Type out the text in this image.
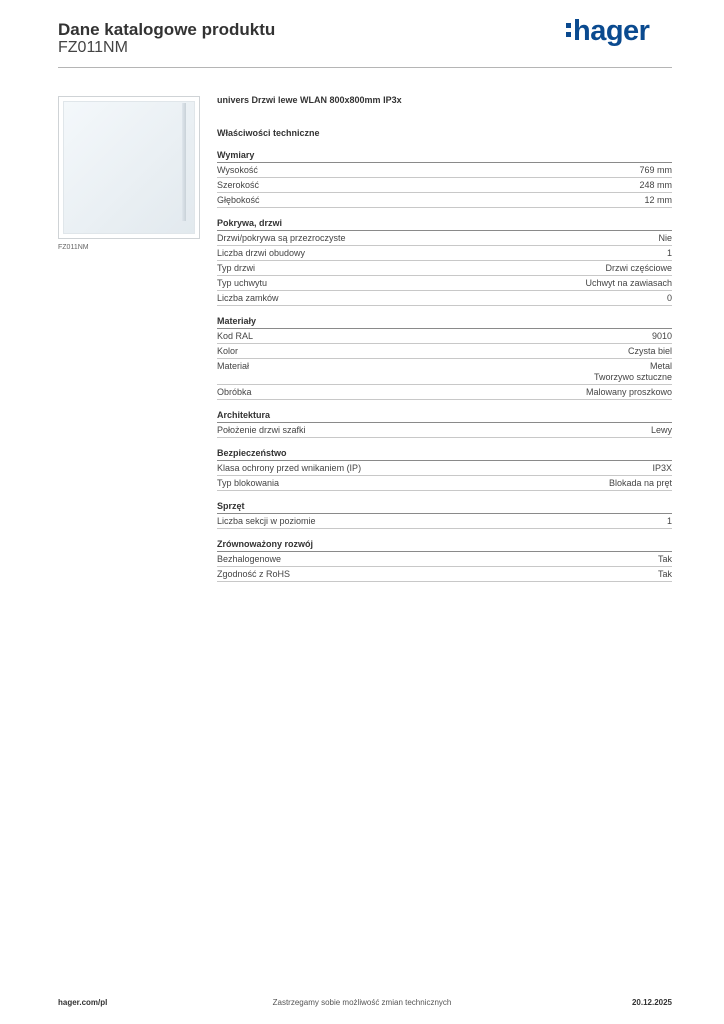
Dane katalogowe produktu
FZ011NM
hager
FZ011NM
univers Drzwi lewe WLAN 800x800mm IP3x
Właściwości techniczne
Wymiary
Wysokość	769 mm
Szerokość	248 mm
Głębokość	12 mm
Pokrywa, drzwi
Drzwi/pokrywa są przezroczyste	Nie
Liczba drzwi obudowy	1
Typ drzwi	Drzwi częściowe
Typ uchwytu	Uchwyt na zawiasach
Liczba zamków	0
Materiały
Kod RAL	9010
Kolor	Czysta biel
Materiał	Metal
Tworzywo sztuczne
Obróbka	Malowany proszkowo
Architektura
Położenie drzwi szafki	Lewy
Bezpieczeństwo
Klasa ochrony przed wnikaniem (IP)	IP3X
Typ blokowania	Blokada na pręt
Sprzęt
Liczba sekcji w poziomie	1
Zrównoważony rozwój
Bezhalogenowe	Tak
Zgodność z RoHS	Tak
hager.com/pl	Zastrzegamy sobie możliwość zmian technicznych	20.12.2025
